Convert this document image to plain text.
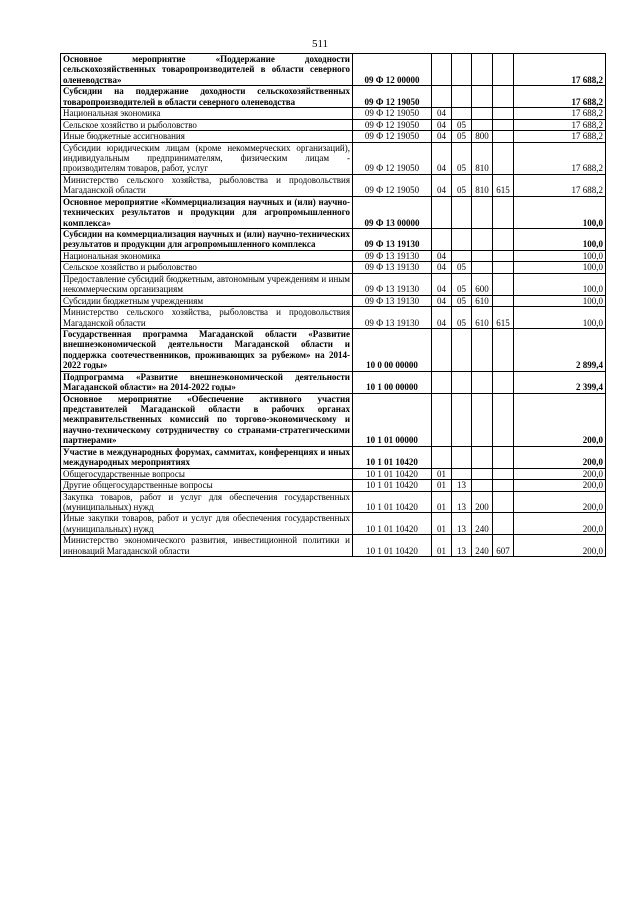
511
Основное мероприятие «Поддержание доходности сельскохозяйственных товаропроизводителей в области северного оленеводства»	09 Ф 12 00000					17 688,2
Субсидии на поддержание доходности сельскохозяйственных товаропроизводителей в области северного оленеводства	09 Ф 12 19050					17 688,2
Национальная экономика	09 Ф 12 19050	04				17 688,2
Сельское хозяйство и рыболовство	09 Ф 12 19050	04	05			17 688,2
Иные бюджетные ассигнования	09 Ф 12 19050	04	05	800		17 688,2
Субсидии юридическим лицам (кроме некоммерческих организаций), индивидуальным предпринимателям, физическим лицам - производителям товаров, работ, услуг	09 Ф 12 19050	04	05	810		17 688,2
Министерство сельского хозяйства, рыболовства и продовольствия Магаданской области	09 Ф 12 19050	04	05	810	615	17 688,2
Основное мероприятие «Коммерциализация научных и (или) научно-технических результатов и продукции для агропромышленного комплекса»	09 Ф 13 00000					100,0
Субсидии на коммерциализация научных и (или) научно-технических результатов и продукции для агропромышленного комплекса	09 Ф 13 19130					100,0
Национальная экономика	09 Ф 13 19130	04				100,0
Сельское хозяйство и рыболовство	09 Ф 13 19130	04	05			100,0
Предоставление субсидий бюджетным, автономным учреждениям и иным некоммерческим организациям	09 Ф 13 19130	04	05	600		100,0
Субсидии бюджетным учреждениям	09 Ф 13 19130	04	05	610		100,0
Министерство сельского хозяйства, рыболовства и продовольствия Магаданской области	09 Ф 13 19130	04	05	610	615	100,0
Государственная программа Магаданской области «Развитие внешнеэкономической деятельности Магаданской области и поддержка соотечественников, проживающих за рубежом» на 2014-2022 годы»	10 0 00 00000					2 899,4
Подпрограмма «Развитие внешнеэкономической деятельности Магаданской области» на 2014-2022 годы»	10 1 00 00000					2 399,4
Основное мероприятие «Обеспечение активного участия представителей Магаданской области в рабочих органах межправительственных комиссий по торгово-экономическому и научно-техническому сотрудничеству со странами-стратегическими партнерами»	10 1 01 00000					200,0
Участие в международных форумах, саммитах, конференциях и иных международных мероприятиях	10 1 01 10420					200,0
Общегосударственные вопросы	10 1 01 10420	01				200,0
Другие общегосударственные вопросы	10 1 01 10420	01	13			200,0
Закупка товаров, работ и услуг для обеспечения государственных (муниципальных) нужд	10 1 01 10420	01	13	200		200,0
Иные закупки товаров, работ и услуг для обеспечения государственных (муниципальных) нужд	10 1 01 10420	01	13	240		200,0
Министерство экономического развития, инвестиционной политики и инноваций Магаданской области	10 1 01 10420	01	13	240	607	200,0
